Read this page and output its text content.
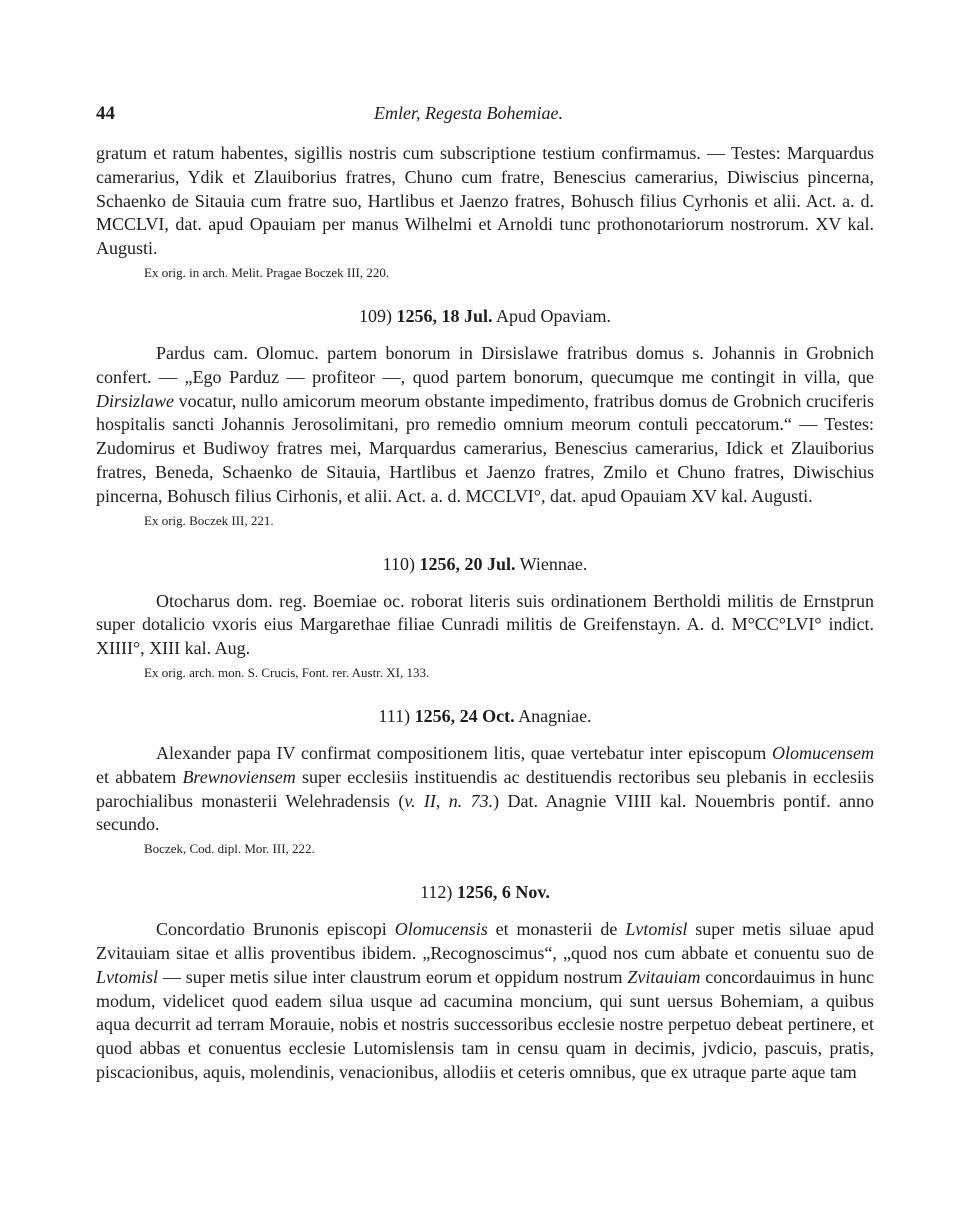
44	Emler, Regesta Bohemiae.

gratum et ratum habentes, sigillis nostris cum subscriptione testium confirmamus. — Testes: Marquardus camerarius, Ydik et Zlauiborius fratres, Chuno cum fratre, Benescius camerarius, Diwiscius pincerna, Schaenko de Sitauia cum fratre suo, Hartlibus et Jaenzo fratres, Bohusch filius Cyrhonis et alii. Act. a. d. MCCLVI, dat. apud Opauiam per manus Wilhelmi et Arnoldi tunc prothonotariorum nostrorum. XV kal. Augusti.

Ex orig. in arch. Melit. Pragae Boczek III, 220.
109) 1256, 18 Jul. Apud Opaviam.

Pardus cam. Olomuc. partem bonorum in Dirsislawe fratribus domus s. Johannis in Grobnich confert. — „Ego Parduz — profiteor —, quod partem bonorum, quecumque me contingit in villa, que Dirsizlawe vocatur, nullo amicorum meorum obstante impedimento, fratribus domus de Grobnich cruciferis hospitalis sancti Johannis Jerosolimitani, pro remedio omnium meorum contuli peccatorum.“ — Testes: Zudomirus et Budiwoy fratres mei, Marquardus camerarius, Benescius camerarius, Idick et Zlauiborius fratres, Beneda, Schaenko de Sitauia, Hartlibus et Jaenzo fratres, Zmilo et Chuno fratres, Diwischius pincerna, Bohusch filius Cirhonis, et alii. Act. a. d. MCCLVI°, dat. apud Opauiam XV kal. Augusti.

Ex orig. Boczek III, 221.
110) 1256, 20 Jul. Wiennae.

Otocharus dom. reg. Boemiae oc. roborat literis suis ordinationem Bertholdi militis de Ernstprun super dotalicio vxoris eius Margarethae filiae Cunradi militis de Greifenstayn. A. d. M°CC°LVI° indict. XIIII°, XIII kal. Aug.

Ex orig. arch. mon. S. Crucis, Font. rer. Austr. XI, 133.
111) 1256, 24 Oct. Anagniae.

Alexander papa IV confirmat compositionem litis, quae vertebatur inter episcopum Olomucensem et abbatem Brewnoviensem super ecclesiis instituendis ac destituendis rectoribus seu plebanis in ecclesiis parochialibus monasterii Welehradensis (v. II, n. 73.) Dat. Anagnie VIIII kal. Nouembris pontif. anno secundo.

Boczek, Cod. dipl. Mor. III, 222.
112) 1256, 6 Nov.

Concordatio Brunonis episcopi Olomucensis et monasterii de Lvtomisl super metis siluae apud Zvitauiam sitae et allis proventibus ibidem. „Recognoscimus“, „quod nos cum abbate et conuentu suo de Lvtomisl — super metis silue inter claustrum eorum et oppidum nostrum Zvitauiam concordauimus in hunc modum, videlicet quod eadem silua usque ad cacumina moncium, qui sunt uersus Bohemiam, a quibus aqua decurrit ad terram Morauie, nobis et nostris successoribus ecclesie nostre perpetuo debeat pertinere, et quod abbas et conuentus ecclesie Lutomislensis tam in censu quam in decimis, jvdicio, pascuis, pratis, piscacionibus, aquis, molendinis, venacionibus, allodiis et ceteris omnibus, que ex utraque parte aque tam
